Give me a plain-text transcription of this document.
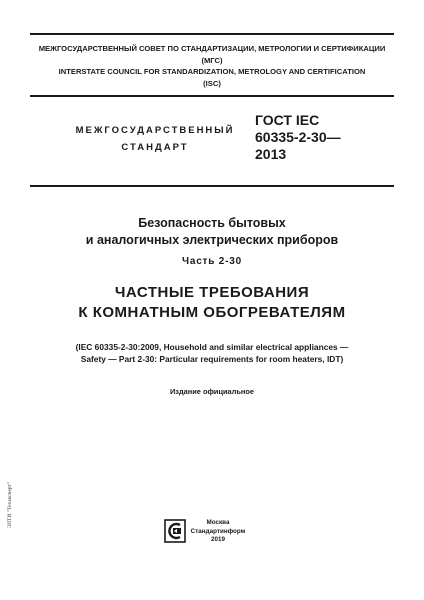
МЕЖГОСУДАРСТВЕННЫЙ СОВЕТ ПО СТАНДАРТИЗАЦИИ, МЕТРОЛОГИИ И СЕРТИФИКАЦИИ
(МГС)
INTERSTATE COUNCIL FOR STANDARDIZATION, METROLOGY AND CERTIFICATION
(ISC)
МЕЖГОСУДАРСТВЕННЫЙ
СТАНДАРТ
ГОСТ IEC
60335-2-30—
2013
Безопасность бытовых
и аналогичных электрических приборов
Часть 2-30
ЧАСТНЫЕ ТРЕБОВАНИЯ
К КОМНАТНЫМ ОБОГРЕВАТЕЛЯМ
(IEC 60335-2-30:2009, Household and similar electrical appliances —
Safety — Part 2-30: Particular requirements for room heaters, IDT)
Издание официальное
ЭЛТИ "Техэксперт"	Москва
Стандартинформ
2019
